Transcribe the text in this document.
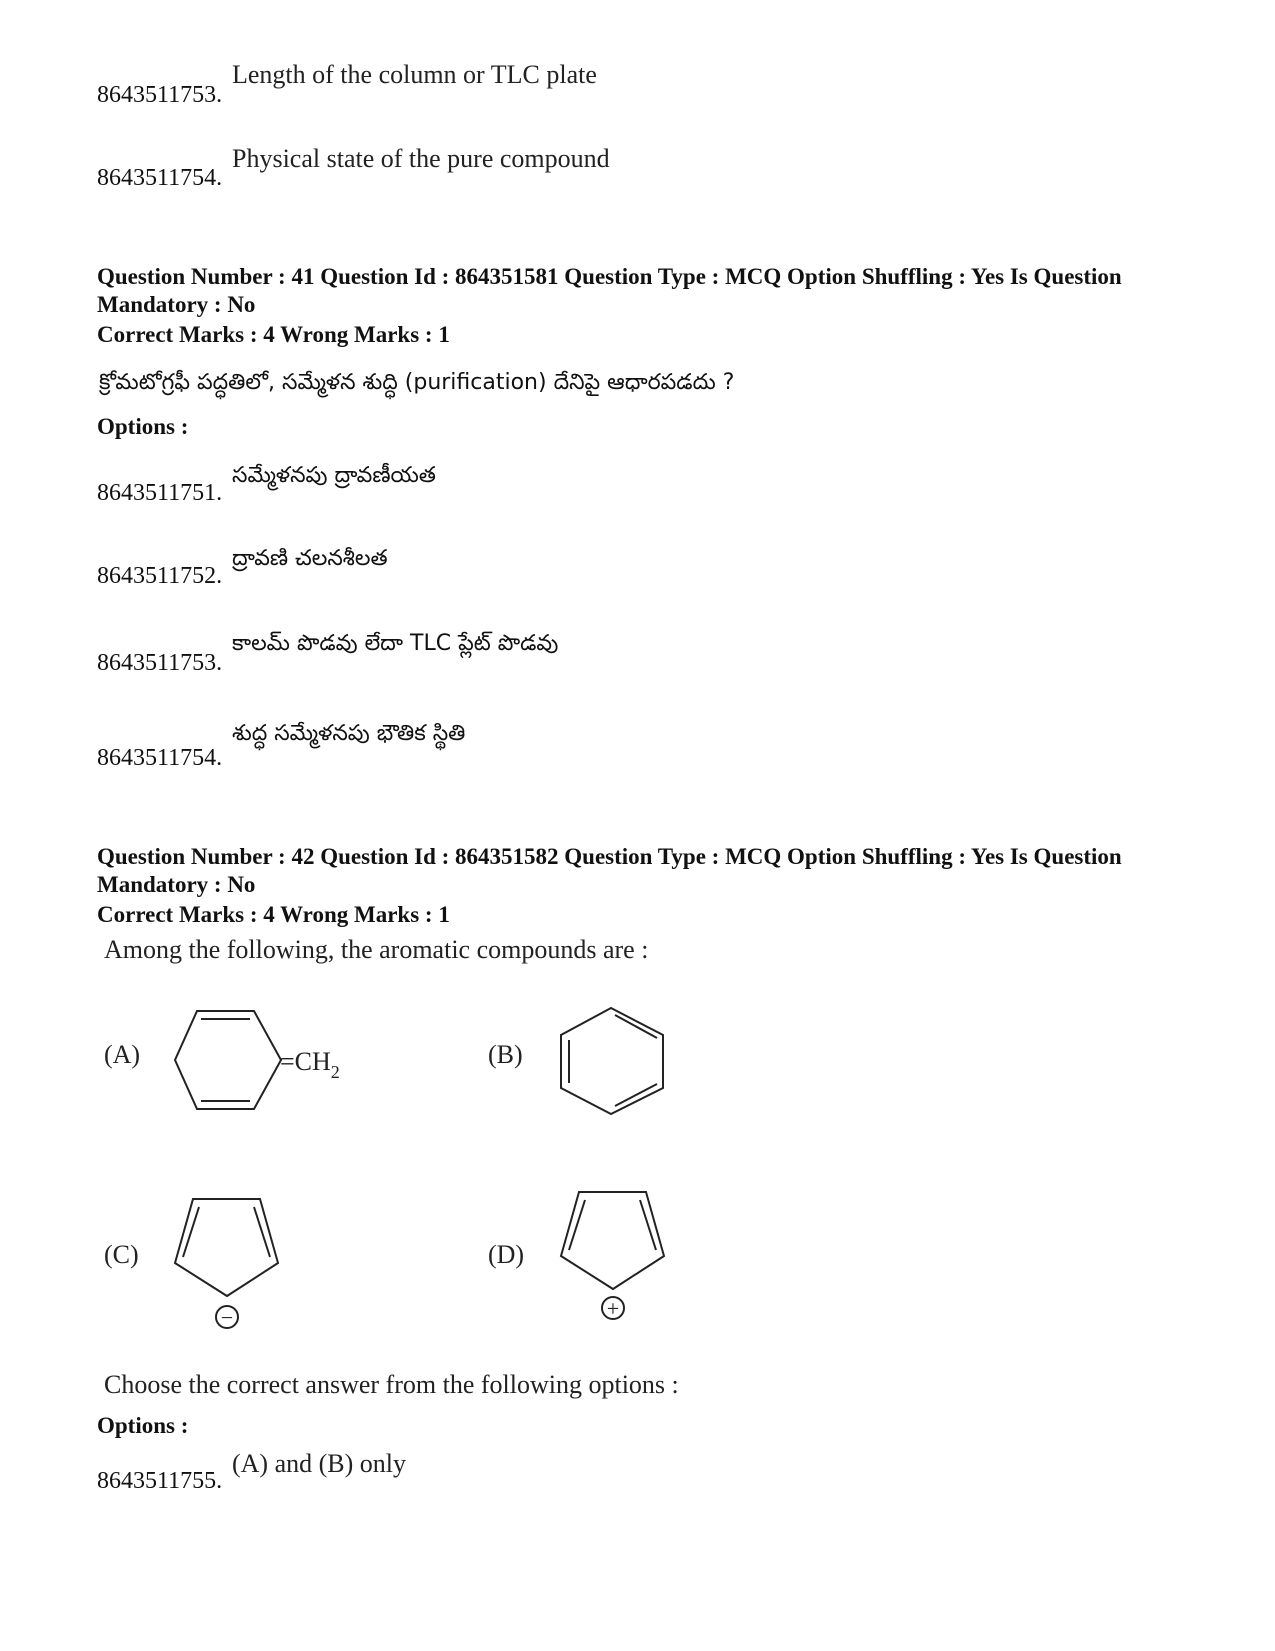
8643511753.
Length of the column or TLC plate
8643511754.
Physical state of the pure compound
Question Number : 41 Question Id : 864351581 Question Type : MCQ Option Shuffling : Yes Is Question Mandatory : No
Correct Marks : 4 Wrong Marks : 1
క్రోమటోగ్రఫీ పద్ధతిలో, సమ్మేళన శుద్ధి (purification) దేనిపై ఆధారపడదు ?
Options :
8643511751.
సమ్మేళనపు ద్రావణీయత
8643511752.
ద్రావణి చలనశీలత
8643511753.
కాలమ్ పొడవు లేదా TLC ప్లేట్ పొడవు
8643511754.
శుద్ధ సమ్మేళనపు భౌతిక స్థితి
Question Number : 42 Question Id : 864351582 Question Type : MCQ Option Shuffling : Yes Is Question Mandatory : No
Correct Marks : 4 Wrong Marks : 1
Among the following, the aromatic compounds are :
(A)	$=CH_2$
(B)
(C)
−
(D)
+
Choose the correct answer from the following options :
Options :
8643511755.
(A) and (B) only
